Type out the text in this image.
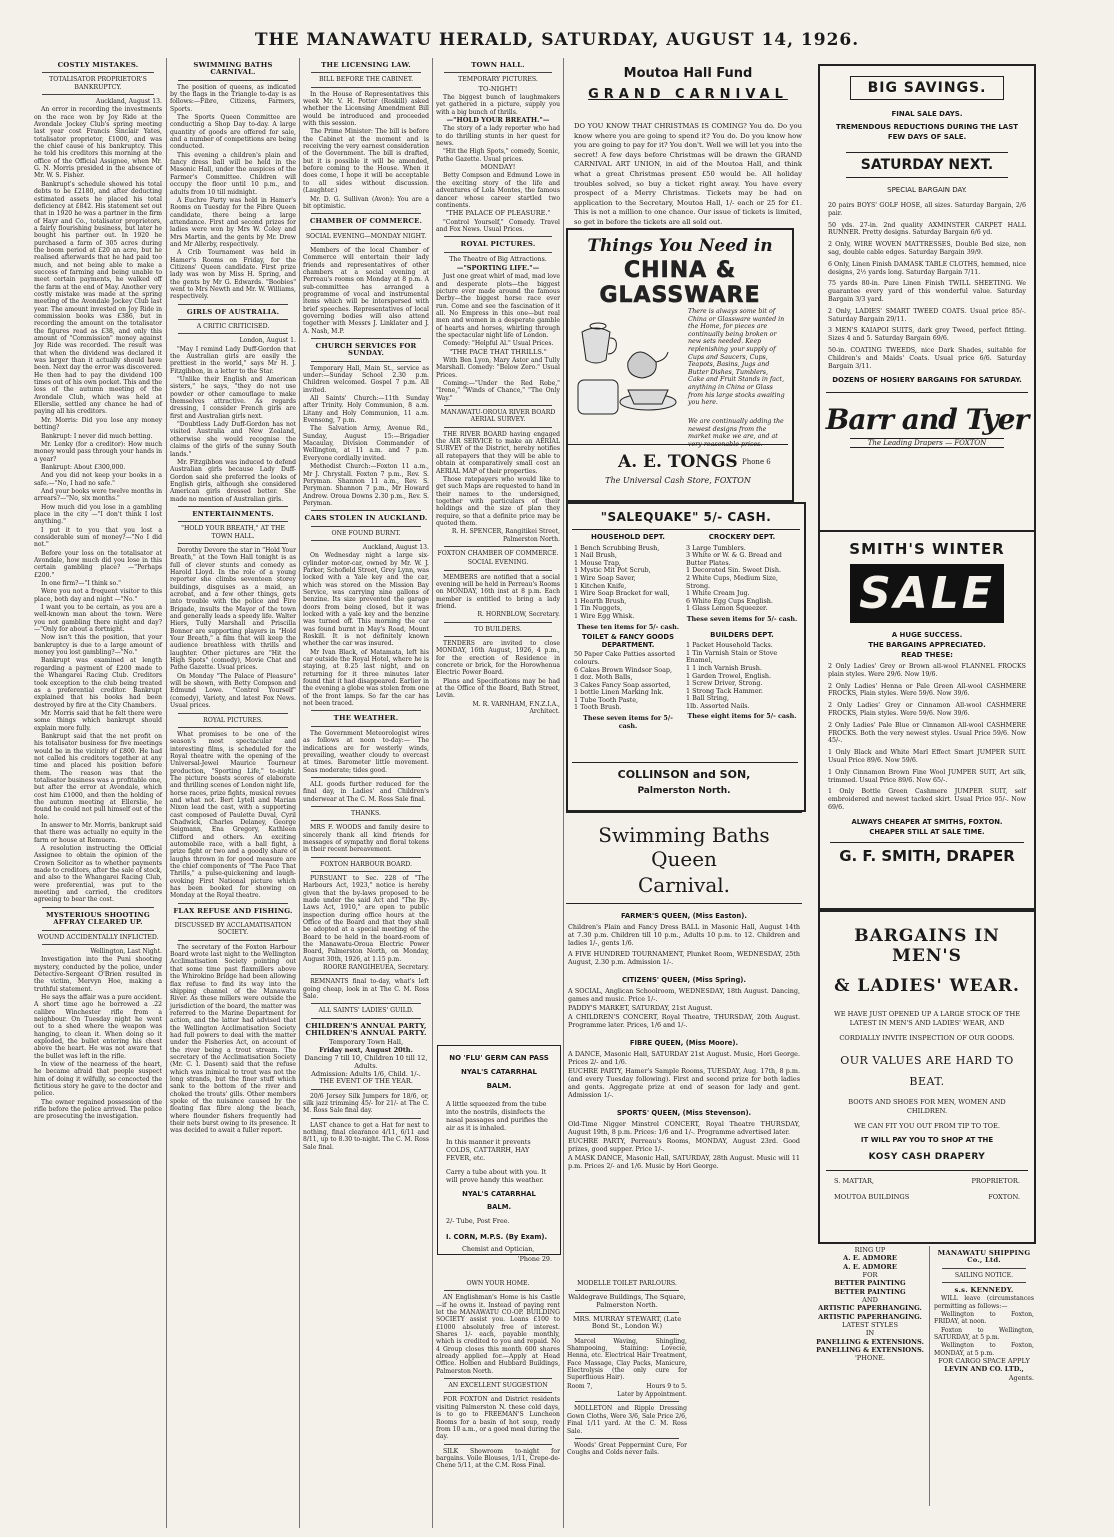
THE MANAWATU HERALD, SATURDAY, AUGUST 14, 1926.
COSTLY MISTAKES.
TOTALISATOR PROPRIETOR'S BANKRUPTCY.

Auckland, August 13.

An error in recording the investments on the race won by Joy Ride at the Avondale Jockey Club's spring meeting last year cost Francis Sinclair Yates, totalisator proprietor, £1000, and was the chief cause of his bankruptcy. This he told his creditors this morning at the office of the Official Assignee, when Mr. G. N. Morris presided in the absence of Mr. W. S. Fisher.

Bankrupt's schedule showed his total debts to be £2180, and after deducting estimated assets he placed his total deficiency at £842. His statement set out that in 1920 he was a partner in the firm of Hayr and Co., totalisator proprietors, a fairly flourishing business, but later he bought his partner out. In 1920 he purchased a farm of 305 acres during the boom period at £20 an acre, but he realised afterwards that he had paid too much, and not being able to make a success of farming and being unable to meet certain payments, he walked off the farm at the end of May. Another very costly mistake was made at the spring meeting of the Avondale Jockey Club last year. The amount invested on Joy Ride in commission books was £386, but in recording the amount on the totalisator the figures read as £38, and only this amount of "Commission" money against Joy Ride was recorded. The result was that when the dividend was declared it was larger than it actually should have been. Next day the error was discovered. He then had to pay the dividend 100 times out of his own pocket. This and the loss of the autumn meeting of the Avondale Club, which was held at Ellerslie, settled any chance he had of paying all his creditors.

Mr. Morris: Did you lose any money betting?

Bankrupt: I never did much betting.

Mr. Lenky (for a creditor): How much money would pass through your hands in a year?

Bankrupt: About £300,000.

And you did not keep your books in a safe.—"No, I had no safe."

And your books were twelve months in arrears?—"No, six months."

How much did you lose in a gambling place in the city —"I don't think I lost anything."

I put it to you that you lost a considerable sum of money?—"No I did not."

Before your loss on the totalisator at Avondale, how much did you lose in this certain gambling place? —"Perhaps £200."

In one firm?—"I think so."

Were you not a frequent visitor to this place, both day and night —"No."

I want you to be certain, as you are a well-known man about the town. Were you not gambling there night and day?—"Only for about a fortnight.

Now isn't this the position, that your bankruptcy is due to a large amount of money you lost gambling?—"No."

Bankrupt was examined at length regarding a payment of £200 made to the Whangarei Racing Club. Creditors took exception to the club being treated as a preferential creditor. Bankrupt explained that his books had been destroyed by fire at the City Chambers.

Mr. Morris said that he felt there were some things which bankrupt should explain more fully.

Bankrupt said that the net profit on his totalisator business for five meetings would be in the vicinity of £800. He had not called his creditors together at any time and placed his position before them. The reason was that the totalisator business was a profitable one, but after the error at Avondale, which cost him £1000, and then the holding of the autumn meeting at Ellerslie, he found he could not pull himself out of the hole.

In answer to Mr. Morris, bankrupt said that there was actually no equity in the farm or house at Remuera.

A resolution instructing the Official Assignee to obtain the opinion of the Crown Solicitor as to whether payments made to creditors, after the sale of stock, and also to the Whangarei Racing Club, were preferential, was put to the meeting and carried, the creditors agreeing to bear the cost.

MYSTERIOUS SHOOTING AFFRAY CLEARED UP.
WOUND ACCIDENTALLY INFLICTED.

Wellington, Last Night.

Investigation into the Puni shooting mystery, conducted by the police, under Detective-Sergeant O'Brien resulted in the victim, Mervyn Hoe, making a truthful statement.

He says the affair was a pure accident. A short time ago he borrowed a .22 calibre Winchester rifle from a neighbour. On Tuesday night he went out to a shed where the weapon was hanging, to clean it. When doing so it exploded, the bullet entering his chest above the heart. He was not aware that the bullet was left in the rifle.

In view of the nearness of the heart, he became afraid that people suspect him of doing it wilfully, so concocted the fictitious story he gave to the doctor and police.

The owner regained possession of the rifle before the police arrived. The police are prosecuting the investigation.

SWIMMING BATHS CARNIVAL.

The position of queens, as indicated by the flags in the Triangle to-day is as follows:—Fibre, Citizens, Farmers, Sports.

The Sports Queen Committee are conducting a Shop Day to-day. A large quantity of goods are offered for sale, and a number of competitions are being conducted.

This evening a children's plain and fancy dress ball will be held in the Masonic Hall, under the auspices of the Farmer's Committee. Children will occupy the floor until 10 p.m., and adults from 10 till midnight.

A Euchre Party was held in Hamer's Rooms on Tuesday for the Fibre Queen candidate, there being a large attendance. First and second prizes for ladies were won by Mrs W. Coley and Mrs Martin, and the gents by Mr. Drew and Mr Allerby, respectively.

A Crib Tournament was held in Hamer's Rooms on Friday, for the Citizens' Queen candidate. First prize lady was won by Miss H. Spring, and the gents by Mr G. Edwards. "Boobies" went to Mrs Newth and Mr. W. Williams, respectively.

GIRLS OF AUSTRALIA.
A CRITIC CRITICISED.

London, August 1.

"May I remind Lady Duff-Gordon that the Australian girls are easily the prettiest in the world," says Mr H. J. Fitzgibbon, in a letter to the Star.

"Unlike their English and American sisters," he says, "they do not use powder or other camouflage to make themselves attractive. As regards dressing, I consider French girls are first and Australian girls next.

"Doubtless Lady Duff-Gordon has not visited Australia and New Zealand, otherwise she would recognise the claims of the girls of the sunny South lands."

Mr. Fitzgibbon was induced to defend Australian girls because Lady Duff-Gordon said she preferred the looks of English girls, although she considered American girls dressed better. She made no mention of Australian girls.

ENTERTAINMENTS.
"HOLD YOUR BREATH," AT THE TOWN HALL.

Dorothy Devore the star in "Hold Your Breath," at the Town Hall tonight is as full of clever stunts and comedy as Harold Lloyd. In the role of a young reporter she climbs seventeen storey buildings, disguises as a maid, an acrobat, and a few other things, gets into trouble with the police and Fire Brigade, insults the Mayor of the town and generally leads a speedy life. Walter Hiers, Tully Marshall and Priscilla Bonner are supporting players in "Hold Your Breath," a film that will keep the audience breathless with thrills and laughter. Other pictures are "Hit the High Spots" (comedy), Movie Chat and Pathe Gazette. Usual prices.

On Monday "The Palace of Pleasure" will be shown, with Betty Compson and Edmund Lowe. "Control Yourself" (comedy), Variety, and latest Fox News. Usual prices.

ROYAL PICTURES.

What promises to be one of the season's most spectacular and interesting films, is scheduled for the Royal theatre with the opening of the Universal-Jewel Maurice Tourneur production, "Sporting Life," to-night. The picture boasts scores of elaborate and thrilling scenes of London night life, horse races, prize fights, musical revues and what not. Bert Lytell and Marian Nixon lead the cast, with a supporting cast composed of Paulette Duval, Cyril Chadwick, Charles Delaney, George Seigmann, Ena Gregory, Kathleen Clifford and others. An exciting automobile race, with a ball fight, a prize fight or two and a goodly share of laughs thrown in for good measure are the chief components of "The Pace That Thrills," a pulse-quickening and laugh-evoking First National picture which has been booked for showing on Monday at the Royal theatre.

FLAX REFUSE AND FISHING.
DISCUSSED BY ACCLAMATISATION SOCIETY.

The secretary of the Foxton Harbour Board wrote last night to the Wellington Acclimatisation Society pointing out that some time past flaxmillers above the Whirokino Bridge had been allowing flax refuse to find its way into the shipping channel of the Manawatu River. As these millers were outside the jurisdiction of the board, the matter was referred to the Marine Department for action, and the latter had advised that the Wellington Acclimatisation Society had full powers to deal with the matter under the Fisheries Act, on account of the river being a trout stream. The secretary of the Acclimatisation Society (Mr. C. I. Dasent) said that the refuse which was inimical to trout was not the long strands, but the finer stuff which sank to the bottom of the river and choked the trouts' gills. Other members spoke of the nuisance caused by the floating flax fibre along the beach, where flounder fishers frequently had their nets burst owing to its presence. It was decided to await a fuller report.

THE LICENSING LAW.
BILL BEFORE THE CABINET.

In the House of Representatives this week Mr. V. H. Potter (Roskill) asked whether the Licensing Amendment Bill would be introduced and proceeded with this session.

The Prime Minister: The bill is before the Cabinet at the moment and is receiving the very earnest consideration of the Government. The bill is drafted, but it is possible it will be amended, before coming to the House. When it does come, I hope it will be acceptable to all sides without discussion. (Laughter.)

Mr. D. G. Sullivan (Avon): You are a bit optimistic.

CHAMBER OF COMMERCE.
SOCIAL EVENING—MONDAY NIGHT.

Members of the local Chamber of Commerce will entertain their lady friends and representatives of other chambers at a social evening at Perreau's rooms on Monday at 8 p.m. A sub-committee has arranged a programme of vocal and instrumental items which will be interspersed with brief speeches. Representatives of local governing bodies will also attend together with Messrs J. Linklater and J. A. Nash, M.P.

CHURCH SERVICES FOR SUNDAY.

Temporary Hall, Main St., service as under:—Sunday School 2.30 p.m. Children welcomed. Gospel 7 p.m. All invited.

All Saints' Church:—11th Sunday after Trinity. Holy Communion, 8 a.m. Litany and Holy Communion, 11 a.m. Evensong, 7 p.m.

The Salvation Army, Avenue Rd., Sunday, August 15:—Brigadier Macaulay, Division Commander of Wellington, at 11 a.m. and 7 p.m. Everyone cordially invited.

Methodist Church:—Foxton 11 a.m., Mr J. Chrystall. Foxton 7 p.m., Rev. S. Peryman. Shannon 11 a.m., Rev. S. Peryman. Shannon 7 p.m., Mr Howard Andrew. Oroua Downs 2.30 p.m., Rev. S. Peryman.

CARS STOLEN IN AUCKLAND.
ONE FOUND BURNT.

Auckland, August 13.

On Wednesday night a large six-cylinder motor-car, owned by Mr. W. J. Parker, Schofield Street, Grey Lynn, was locked with a Yale key and the car, which was stored on the Mission Bay Service, was carrying nine gallons of benzine. Its size prevented the garage doors from being closed, but it was locked with a yale key and the benzine was turned off. This morning the car was found burnt in May's Road, Mount Roskill. It is not definitely known whether the car was insured.

Mr Ivan Black, of Matamata, left his car outside the Royal Hotel, where he is staying, at 8.25 last night, and on returning for it three minutes later found that it had disappeared. Earlier in the evening a globe was stolen from one of the front lamps. So far the car has not been traced.

THE WEATHER.

The Government Meteorologist wires as follows at noon to-day:— The indications are for westerly winds, prevailing, weather cloudy to overcast at times. Barometer little movement. Seas moderate; tides good.

ALL goods further reduced for the final day, in Ladies' and Children's underwear at The C. M. Ross Sale final.

THANKS.

MRS F. WOODS and family desire to sincerely thank all kind friends for messages of sympathy and floral tokens in their recent bereavement.

FOXTON HARBOUR BOARD.

PURSUANT to Sec. 228 of "The Harbours Act, 1923," notice is hereby given that the by-laws proposed to be made under the said Act and "The By-Laws Act, 1910," are open to public inspection during office hours at the Office of the Board and that they shall be adopted at a special meeting of the Board to be held in the board-room of the Manawatu-Oroua Electric Power Board, Palmerston North, on Monday, August 30th, 1926, at 1.15 p.m.

ROORE RANGIHEUEA, Secretary.

REMNANTS final to-day, what's left going cheap, look in at The C. M. Ross Sale.

ALL SAINTS' LADIES' GUILD.
CHILDREN'S ANNUAL PARTY, CHILDREN'S ANNUAL PARTY.

Temporary Town Hall,

Friday next, August 20th.

Dancing 7 till 10, Children 10 till 12, Adults.

Admission: Adults 1/6, Child. 1/-. THE EVENT OF THE YEAR.

20/6 Jersey Silk Jumpers for 18/6, or, silk jazz trimming 45/- for 21/- at The C. M. Ross Sale final day.

LAST chance to get a Hat for next to nothing, final clearance 4/11, 6/11 and 8/11, up to 8.30 to-night. The C. M. Ross Sale final.

TOWN HALL.
TEMPORARY PICTURES.

TO-NIGHT!

The biggest bunch of laughmakers yet gathered in a picture, supply you with a big bunch of thrills.

—"HOLD YOUR BREATH."—

The story of a lady reporter who had to do thrilling stunts in her quest for news.

"Hit the High Spots," comedy, Scenic, Pathe Gazette. Usual prices.

MONDAY!

Betty Compson and Edmund Lowe in the exciting story of the life and adventures of Lola Montes, the famous dancer whose career startled two continents.

"THE PALACE OF PLEASURE."

"Control Yourself," Comedy. Travel and Fox News. Usual Prices.

ROYAL PICTURES.
The Theatre of Big Attractions.

—"SPORTING LIFE."—

Just one great whirl of mad, mad love and desperate plots—the biggest picture ever made around the famous Derby—the biggest horse race ever run. Come and see the fascination of it all. No Empress in this one—but real men and women in a desperate gamble of hearts and horses, whirling through the spectacular night life of London.

Comedy: "Helpful Al." Usual Prices.

"THE PACE THAT THRILLS."

With Ben Lyon, Mary Astor and Tully Marshall. Comedy: "Below Zero." Usual Prices.

Coming:—"Under the Red Robe," "Irene," "Winds of Chance," "The Only Way."

MANAWATU-OROUA RIVER BOARD AERIAL SURVEY.

THE RIVER BOARD having engaged the AIR SERVICE to make an AERIAL SURVEY of the District, hereby notifies all ratepayers that they will be able to obtain at comparatively small cost an AERIAL MAP of their properties.

Those ratepayers who would like to get such Maps are requested to hand in their names to the undersigned, together with particulars of their holdings and the size of plan they require, so that a definite price may be quoted them.

R. H. SPENCER, Rangitikei Street, Palmerston North.

FOXTON CHAMBER OF COMMERCE.
SOCIAL EVENING.

MEMBERS are notified that a social evening will be held in Perreau's Rooms on MONDAY, 16th inst at 8 p.m. Each member is entitled to bring a lady friend.

R. HORNBLOW, Secretary.

TO BUILDERS.

TENDERS are invited to close MONDAY, 16th August, 1926, 4 p.m., for the erection of Residence in concrete or brick, for the Horowhenua Electric Power Board.

Plans and Specifications may be had at the Office of the Board, Bath Street, Levin.

M. R. VARNHAM, F.N.Z.I.A., Architect.

NO 'FLU' GERM CAN PASS
NYAL'S CATARRHAL
BALM.
A little squeezed from the tube into the nostrils, disinfects the nasal passages and purifies the air as it is inhaled.
In this manner it prevents COLDS, CATTARRH, HAY FEVER, etc.
Carry a tube about with you. It will prove handy this weather.
NYAL'S CATARRHAL
BALM.
2/- Tube, Post Free.
I. CORN, M.P.S. (By Exam).
Chemist and Optician,
'Phone 29.
OWN YOUR HOME.

AN Englishman's Home is his Castle—if he owns it. Instead of paying rent let the MANAWATU CO-OP. BUILDING SOCIETY assist you. Loans £100 to £1000 absolutely free of interest. Shares 1/- each, payable monthly, which is credited to you and repaid. No 4 Group closes this month 600 shares already applied for.—Apply at Head Office. Holben and Hubbard Buildings, Palmerston North.

AN EXCELLENT SUGGESTION

FOR FOXTON and District residents visiting Palmerston N. these cold days, is to go to FREEMAN'S Luncheon Rooms for a basin of hot soup, ready from 10 a.m., or a good meal during the day.

SILK Showroom to-night for bargains. Voile Blouses, 1/11, Crepe-de-Chene 5/11, at the C.M. Ross Final.

MODELLE TOILET PARLOURS.

Waldegrave Buildings, The Square, Palmerston North.

MRS. MURRAY STEWART, (Late Bond St., London W.)

Marcel Waving, Shingling, Shampooing, Staining: Lovecie, Henna, etc. Electrical Hair Treatment, Face Massage, Clay Packs, Manicure, Electrolysis (the only cure for Superfluous Hair).

Room 7,	Hours 9 to 5.

Later by Appointment.

MOLLETON and Ripple Dressing Gown Cloths, Were 3/6, Sale Price 2/6, Final 1/11 yard. At the C. M. Ross Sale.

Woods' Great Peppermint Cure, For Coughs and Colds never fails.

Moutoa Hall Fund
GRAND CARNIVAL
DO YOU KNOW THAT CHRISTMAS IS COMING? You do. Do you know where you are going to spend it? You do. Do you know how you are going to pay for it? You don't. Well we will let you into the secret! A few days before Christmas will be drawn the GRAND CARNIVAL ART UNION, in aid of the Moutoa Hall, and think what a great Christmas present £50 would be. All holiday troubles solved, so buy a ticket right away. You have every prospect of a Merry Christmas. Tickets may be had on application to the Secretary, Moutoa Hall, 1/- each or 25 for £1. This is not a million to one chance. Our issue of tickets is limited, so get in before the tickets are all sold out.
Things You Need in
CHINA & GLASSWARE
There is always some bit of China or Glassware wanted in the Home, for pieces are continually being broken or new sets needed. Keep replenishing your supply of Cups and Saucers, Cups, Teapots, Basins, Jugs and Butter Dishes, Tumblers, Cake and Fruit Stands in fact, anything in China or Glass from his large stocks awaiting you here.
We are continually adding the newest designs from the market make we are, and at very reasonable prices.
A. E. TONGS Phone 6
The Universal Cash Store, FOXTON
"SALEQUAKE" 5/- CASH.
HOUSEHOLD DEPT.
1 Bench Scrubbing Brush,
1 Nail Brush,
1 Mouse Trap,
1 Mystic Mit Pot Scrub,
1 Wire Soap Saver,
1 Kitchen Knife,
1 Wire Soap Bracket for wall,
1 Hearth Brush,
1 Tin Nuggets,
1 Wire Egg Whisk.
These ten items for 5/- cash.
TOILET & FANCY GOODS DEPARTMENT.
50 Paper Cake Patties assorted colours.
6 Cakes Brown Windsor Soap,
1 doz. Moth Balls,
3 Cakes Fancy Soap assorted,
1 bottle Linen Marking Ink.
1 Tube Tooth Paste,
1 Tooth Brush.
These seven items for 5/- cash.
CROCKERY DEPT.
3 Large Tumblers.
3 White or W. & G. Bread and Butter Plates.
1 Decorated Sin. Sweet Dish.
2 White Cups, Medium Size, Strong.
1 White Cream Jug.
6 White Egg Cups English.
1 Glass Lemon Squeezer.
These seven items for 5/- cash.
BUILDERS DEPT.
1 Packet Household Tacks.
1 Tin Varnish Stain or Stove Enamel,
1 1 inch Varnish Brush.
1 Garden Trowel, English.
1 Screw Driver, Strong.
1 Strong Tack Hammer.
1 Ball String,
1lb. Assorted Nails.
These eight items for 5/- cash.
COLLINSON and SON,
Palmerston North.
Swimming Baths Queen
Carnival.
FARMER'S QUEEN, (Miss Easton).
Children's Plain and Fancy Dress BALL in Masonic Hall, August 14th at 7.30 p.m. Children till 10 p.m., Adults 10 p.m. to 12. Children and ladies 1/-, gents 1/6.
A FIVE HUNDRED TOURNAMENT, Plunket Room, WEDNESDAY, 25th August, 2.30 p.m. Admission 1/-.
CITIZENS' QUEEN, (Miss Spring).
A SOCIAL, Anglican Schoolroom, WEDNESDAY, 18th August. Dancing, games and music. Price 1/-.
PADDY'S MARKET, SATURDAY, 21st August.
A CHILDREN'S CONCERT, Royal Theatre, THURSDAY, 20th August. Programme later. Prices, 1/6 and 1/-.
FIBRE QUEEN, (Miss Moore).
A DANCE, Masonic Hall, SATURDAY 21st August. Music, Hori George. Prices 2/- and 1/6.
EUCHRE PARTY, Hamer's Sample Rooms, TUESDAY, Aug. 17th, 8 p.m. (and every Tuesday following). First and second prize for both ladies and gents. Aggregate prize at end of season for lady and gent. Admission 1/-.
SPORTS' QUEEN, (Miss Stevenson).
Old-Time Nigger Minstrel CONCERT, Royal Theatre THURSDAY, August 19th, 8 p.m. Prices: 1/6 and 1/-. Programme advertised later.
EUCHRE PARTY, Perreau's Rooms, MONDAY, August 23rd. Good prizes, good supper. Price 1/-.
A MASK DANCE, Masonic Hall, SATURDAY, 28th August. Music will 11 p.m. Prices 2/- and 1/6. Music by Hori George.
BIG SAVINGS.
FINAL SALE DAYS.
TREMENDOUS REDUCTIONS DURING THE LAST FEW DAYS OF SALE.
SATURDAY NEXT.
SPECIAL BARGAIN DAY.
20 pairs BOYS' GOLF HOSE, all sizes. Saturday Bargain, 2/6 pair.
50 yds. 27-in. 2nd quality AXMINSTER CARPET HALL RUNNER. Pretty designs. Saturday Bargain 6/6 yd.
2 Only, WIRE WOVEN MATTRESSES, Double Bed size, non sag, double cable edges. Saturday Bargain 39/9.
6 Only, Linen Finish DAMASK TABLE CLOTHS, hemmed, nice designs, 2½ yards long. Saturday Bargain 7/11.
75 yards 80-in. Pure Linen Finish TWILL SHEETING. We guarantee every yard of this wonderful value. Saturday Bargain 3/3 yard.
2 Only, LADIES' SMART TWEED COATS. Usual price 85/-. Saturday Bargain 29/11.
3 MEN'S KAIAPOI SUITS, dark grey Tweed, perfect fitting. Sizes 4 and 5. Saturday Bargain 69/6.
50-in. COATING TWEEDS, nice Dark Shades, suitable for Children's and Maids' Coats. Usual price 6/6. Saturday Bargain 3/11.
DOZENS OF HOSIERY BARGAINS FOR SATURDAY.
Barr and Tyer
The Leading Drapers — FOXTON
SMITH'S WINTER
SALE
A HUGE SUCCESS.
THE BARGAINS APPRECIATED.
READ THESE:
2 Only Ladies' Grey or Brown all-wool FLANNEL FROCKS plain styles. Were 29/6. Now 19/6.
2 Only Ladies' Henna or Pale Green All-wool CASHMERE FROCKS, Plain styles. Were 59/6. Now 39/6.
2 Only Ladies' Grey or Cinnamon All-wool CASHMERE FROCKS, Plain styles. Were 59/6. Now 39/6.
2 Only Ladies' Pale Blue or Cinnamon All-wool CASHMERE FROCKS. Both the very newest styles. Usual Price 59/6. Now 45/-.
1 Only Black and White Marl Effect Smart JUMPER SUIT. Usual Price 89/6. Now 59/6.
1 Only Cinnamon Brown Fine Wool JUMPER SUIT, Art silk, trimmed. Usual Price 89/6. Now 65/-.
1 Only Bottle Green Cashmere JUMPER SUIT, self embroidered and newest tacked skirt. Usual Price 95/-. Now 69/6.
ALWAYS CHEAPER AT SMITHS, FOXTON.
CHEAPER STILL AT SALE TIME.
G. F. SMITH, DRAPER
BARGAINS IN MEN'S
& LADIES' WEAR.
WE HAVE JUST OPENED UP A LARGE STOCK OF THE LATEST IN MEN'S AND LADIES' WEAR, AND
CORDIALLY INVITE INSPECTION OF OUR GOODS.
OUR VALUES ARE HARD TO
BEAT.
BOOTS AND SHOES FOR MEN, WOMEN AND CHILDREN.
WE CAN FIT YOU OUT FROM TIP TO TOE.
IT WILL PAY YOU TO SHOP AT THE
KOSY CASH DRAPERY
S. MATTAR,	PROPRIETOR.
MOUTOA BUILDINGS	FOXTON.
RING UP
A. E. ADMORE
A. E. ADMORE
FOR
BETTER PAINTING
BETTER PAINTING
AND
ARTISTIC PAPERHANGING.
ARTISTIC PAPERHANGING.
LATEST STYLES
IN
PANELLING & EXTENSIONS.
PANELLING & EXTENSIONS.
'PHONE.
MANAWATU SHIPPING Co., Ltd.
SAILING NOTICE.
s.s. KENNEDY.

WILL leave (circumstances permitting as follows:—

Wellington to Foxton, FRIDAY, at noon.

Foxton to Wellington, SATURDAY, at 5 p.m.

Wellington to Foxton, MONDAY, at 5 p.m.

FOR CARGO SPACE APPLY
LEVIN AND CO. LTD.,
Agents.
